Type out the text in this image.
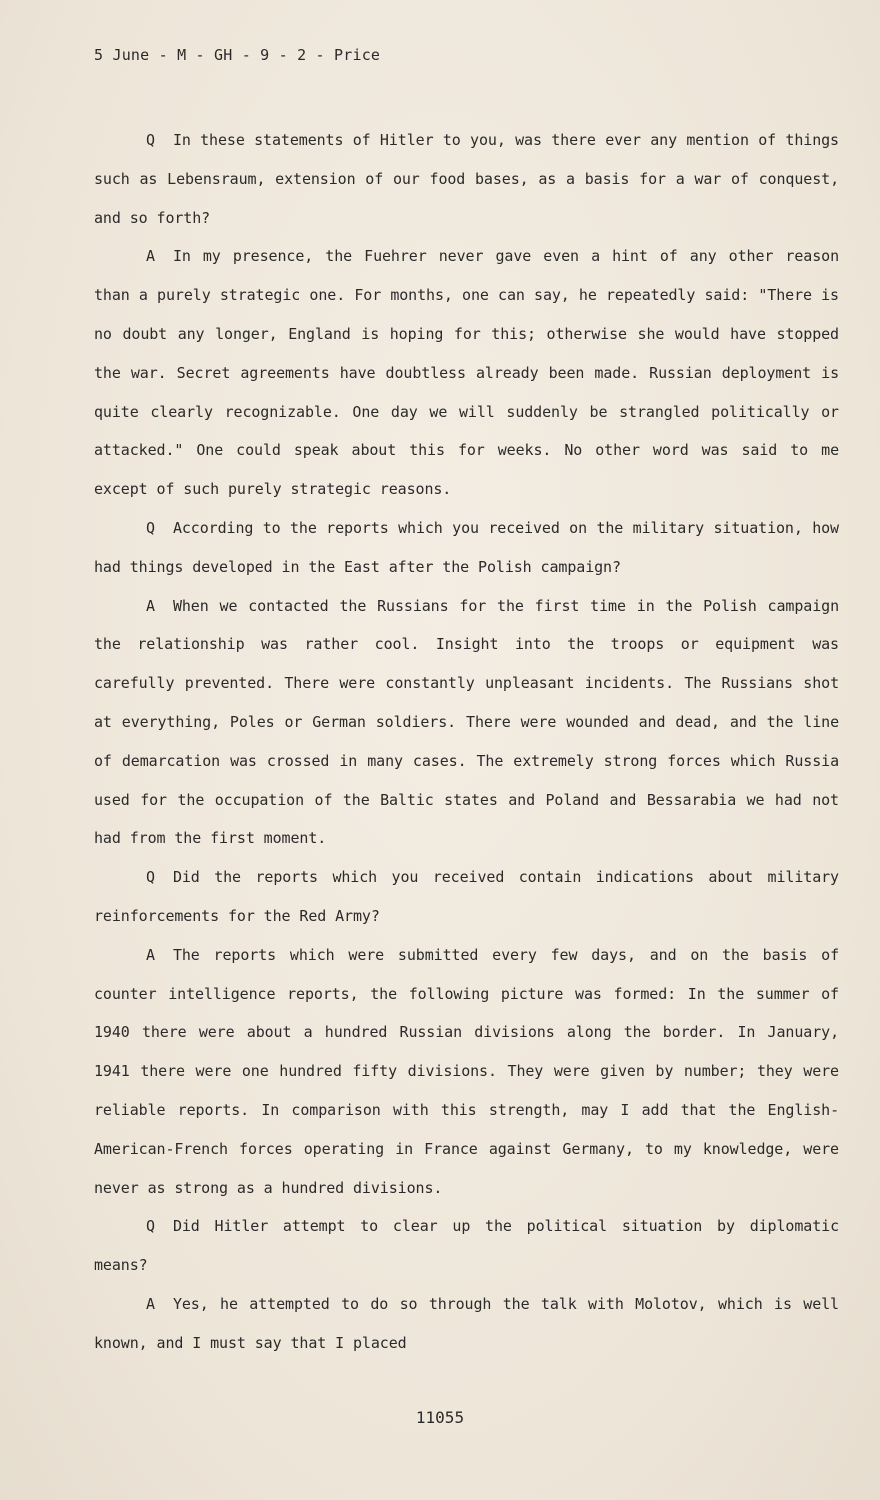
5 June - M - GH - 9 - 2 - Price

Q In these statements of Hitler to you, was there ever any mention of things such as Lebensraum, extension of our food bases, as a basis for a war of conquest, and so forth?

A In my presence, the Fuehrer never gave even a hint of any other reason than a purely strategic one. For months, one can say, he repeatedly said: "There is no doubt any longer, England is hoping for this; otherwise she would have stopped the war. Secret agreements have doubtless already been made. Russian deployment is quite clearly recognizable. One day we will suddenly be strangled politically or attacked." One could speak about this for weeks. No other word was said to me except of such purely strategic reasons.

Q According to the reports which you received on the military situation, how had things developed in the East after the Polish campaign?

A When we contacted the Russians for the first time in the Polish campaign the relationship was rather cool. Insight into the troops or equipment was carefully prevented. There were constantly unpleasant incidents. The Russians shot at everything, Poles or German soldiers. There were wounded and dead, and the line of demarcation was crossed in many cases. The extremely strong forces which Russia used for the occupation of the Baltic states and Poland and Bessarabia we had not had from the first moment.

Q Did the reports which you received contain indications about military reinforcements for the Red Army?

A The reports which were submitted every few days, and on the basis of counter intelligence reports, the following picture was formed: In the summer of 1940 there were about a hundred Russian divisions along the border. In January, 1941 there were one hundred fifty divisions. They were given by number; they were reliable reports. In comparison with this strength, may I add that the English-American-French forces operating in France against Germany, to my knowledge, were never as strong as a hundred divisions.

Q Did Hitler attempt to clear up the political situation by diplomatic means?

A Yes, he attempted to do so through the talk with Molotov, which is well known, and I must say that I placed

11055
